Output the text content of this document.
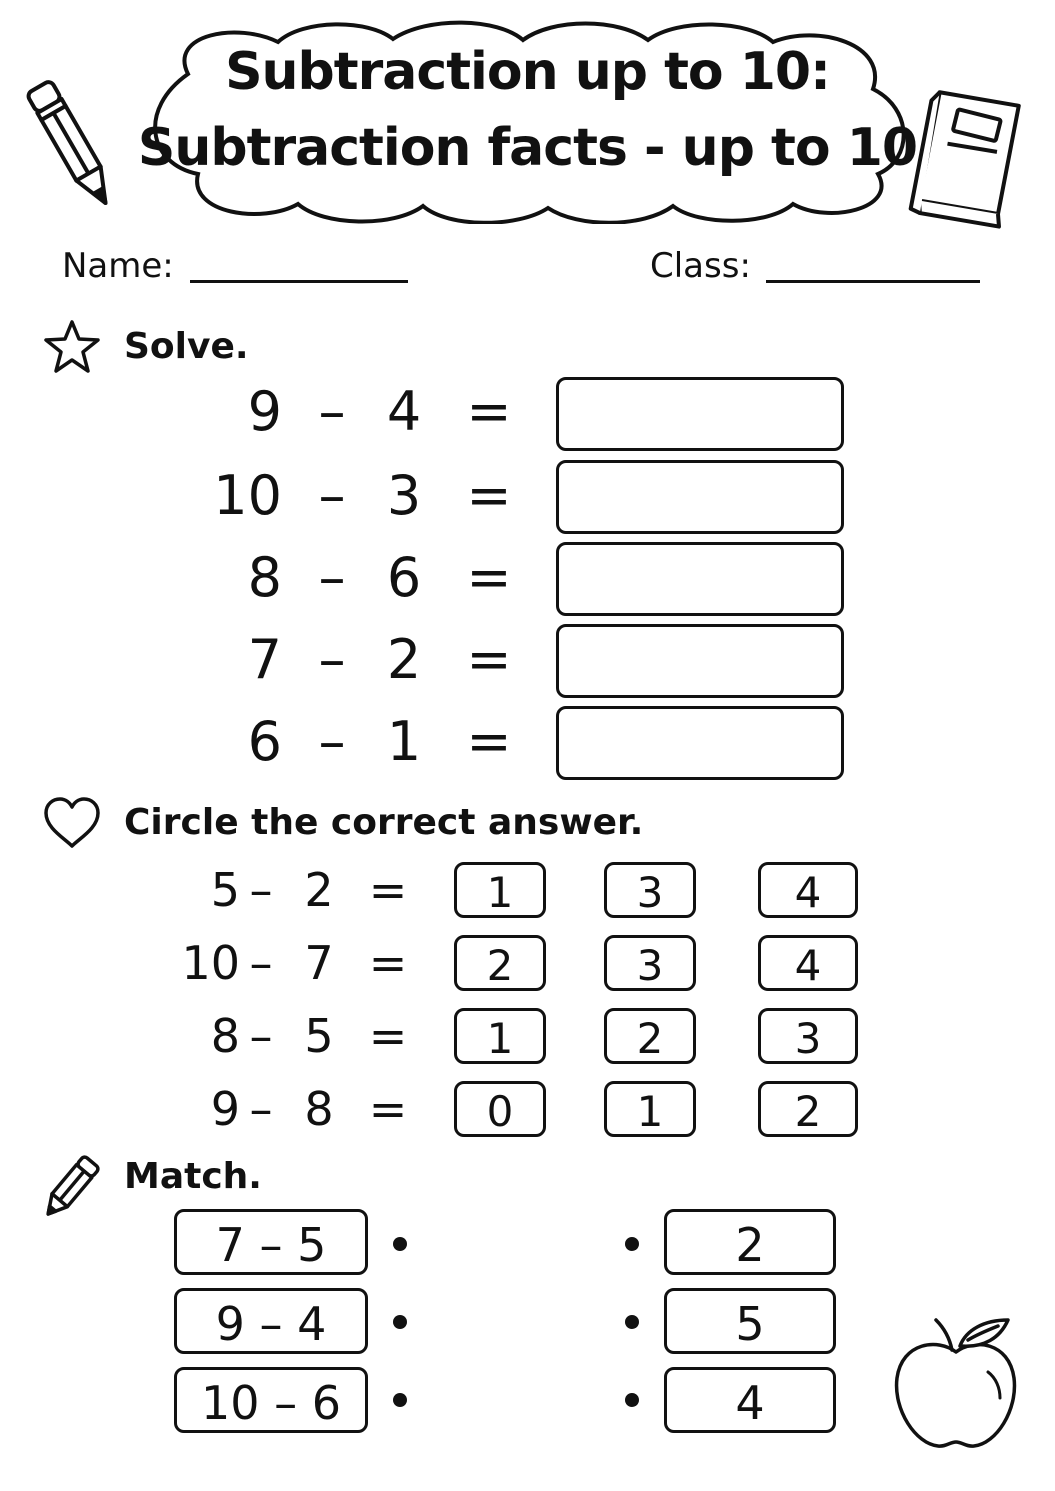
Subtraction up to 10:
Subtraction facts - up to 10
Name:	Class:
Solve.
9 – 4 =
10 – 3 =
8 – 6 =
7 – 2 =
6 – 1 =
Circle the correct answer.
5 – 2 =	1	3	4
10 – 7 =	2	3	4
8 – 5 =	1	2	3
9 – 8 =	0	1	2
Match.
7 – 5
9 – 4
10 – 6
2
5
4
